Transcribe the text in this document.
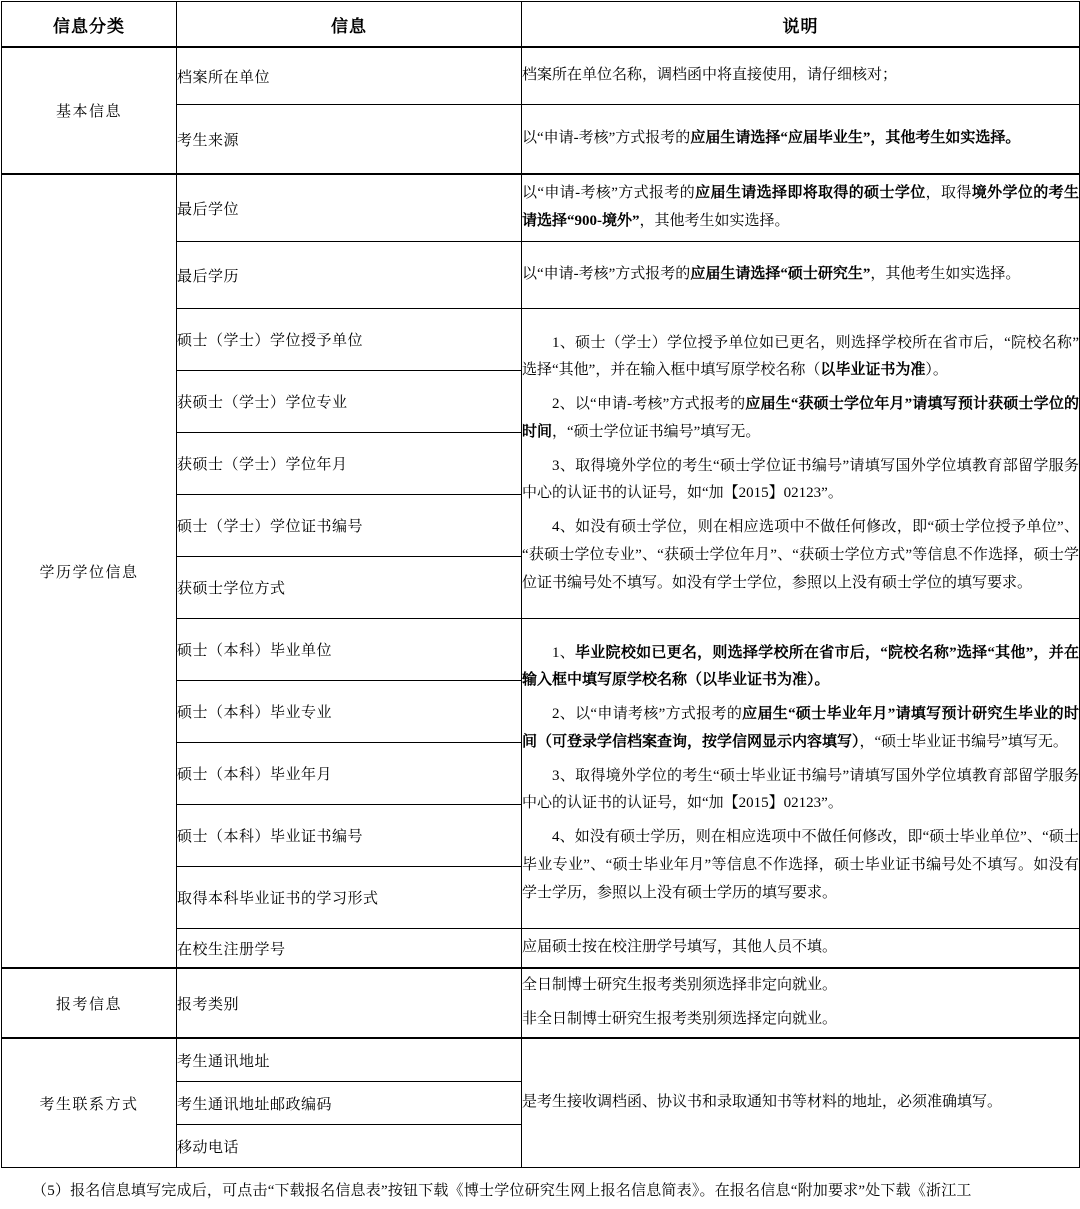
信息分类	信息	说明
基本信息	档案所在单位	档案所在单位名称，调档函中将直接使用，请仔细核对；

	考生来源	以“申请-考核”方式报考的应届生请选择“应届毕业生”，其他考生如实选择。

学历学位信息	最后学位	以“申请-考核”方式报考的应届生请选择即将取得的硕士学位，取得境外学位的考生请选择“900-境外”，其他考生如实选择。

	最后学历	以“申请-考核”方式报考的应届生请选择“硕士研究生”，其他考生如实选择。

	硕士（学士）学位授予单位	1、硕士（学士）学位授予单位如已更名，则选择学校所在省市后，“院校名称”选择“其他”，并在输入框中填写原学校名称（以毕业证书为准）。

2、以“申请-考核”方式报考的应届生“获硕士学位年月”请填写预计获硕士学位的时间，“硕士学位证书编号”填写无。

3、取得境外学位的考生“硕士学位证书编号”请填写国外学位填教育部留学服务中心的认证书的认证号，如“加【2015】02123”。

4、如没有硕士学位，则在相应选项中不做任何修改，即“硕士学位授予单位”、“获硕士学位专业”、“获硕士学位年月”、“获硕士学位方式”等信息不作选择，硕士学位证书编号处不填写。如没有学士学位，参照以上没有硕士学位的填写要求。

	获硕士（学士）学位专业	
	获硕士（学士）学位年月	
	硕士（学士）学位证书编号	
	获硕士学位方式	
	硕士（本科）毕业单位	1、毕业院校如已更名，则选择学校所在省市后，“院校名称”选择“其他”，并在输入框中填写原学校名称（以毕业证书为准）。

2、以“申请考核”方式报考的应届生“硕士毕业年月”请填写预计研究生毕业的时间（可登录学信档案查询，按学信网显示内容填写），“硕士毕业证书编号”填写无。

3、取得境外学位的考生“硕士毕业证书编号”请填写国外学位填教育部留学服务中心的认证书的认证号，如“加【2015】02123”。

4、如没有硕士学历，则在相应选项中不做任何修改，即“硕士毕业单位”、“硕士毕业专业”、“硕士毕业年月”等信息不作选择，硕士毕业证书编号处不填写。如没有学士学历，参照以上没有硕士学历的填写要求。

	硕士（本科）毕业专业	
	硕士（本科）毕业年月	
	硕士（本科）毕业证书编号	
	取得本科毕业证书的学习形式	
	在校生注册学号	应届硕士按在校注册学号填写，其他人员不填。

报考信息	报考类别	全日制博士研究生报考类别须选择非定向就业。

非全日制博士研究生报考类别须选择定向就业。

考生联系方式	考生通讯地址	是考生接收调档函、协议书和录取通知书等材料的地址，必须准确填写。

	考生通讯地址邮政编码	
	移动电话	
（5）报名信息填写完成后，可点击“下载报名信息表”按钮下载《博士学位研究生网上报名信息简表》。在报名信息“附加要求”处下载《浙江工
